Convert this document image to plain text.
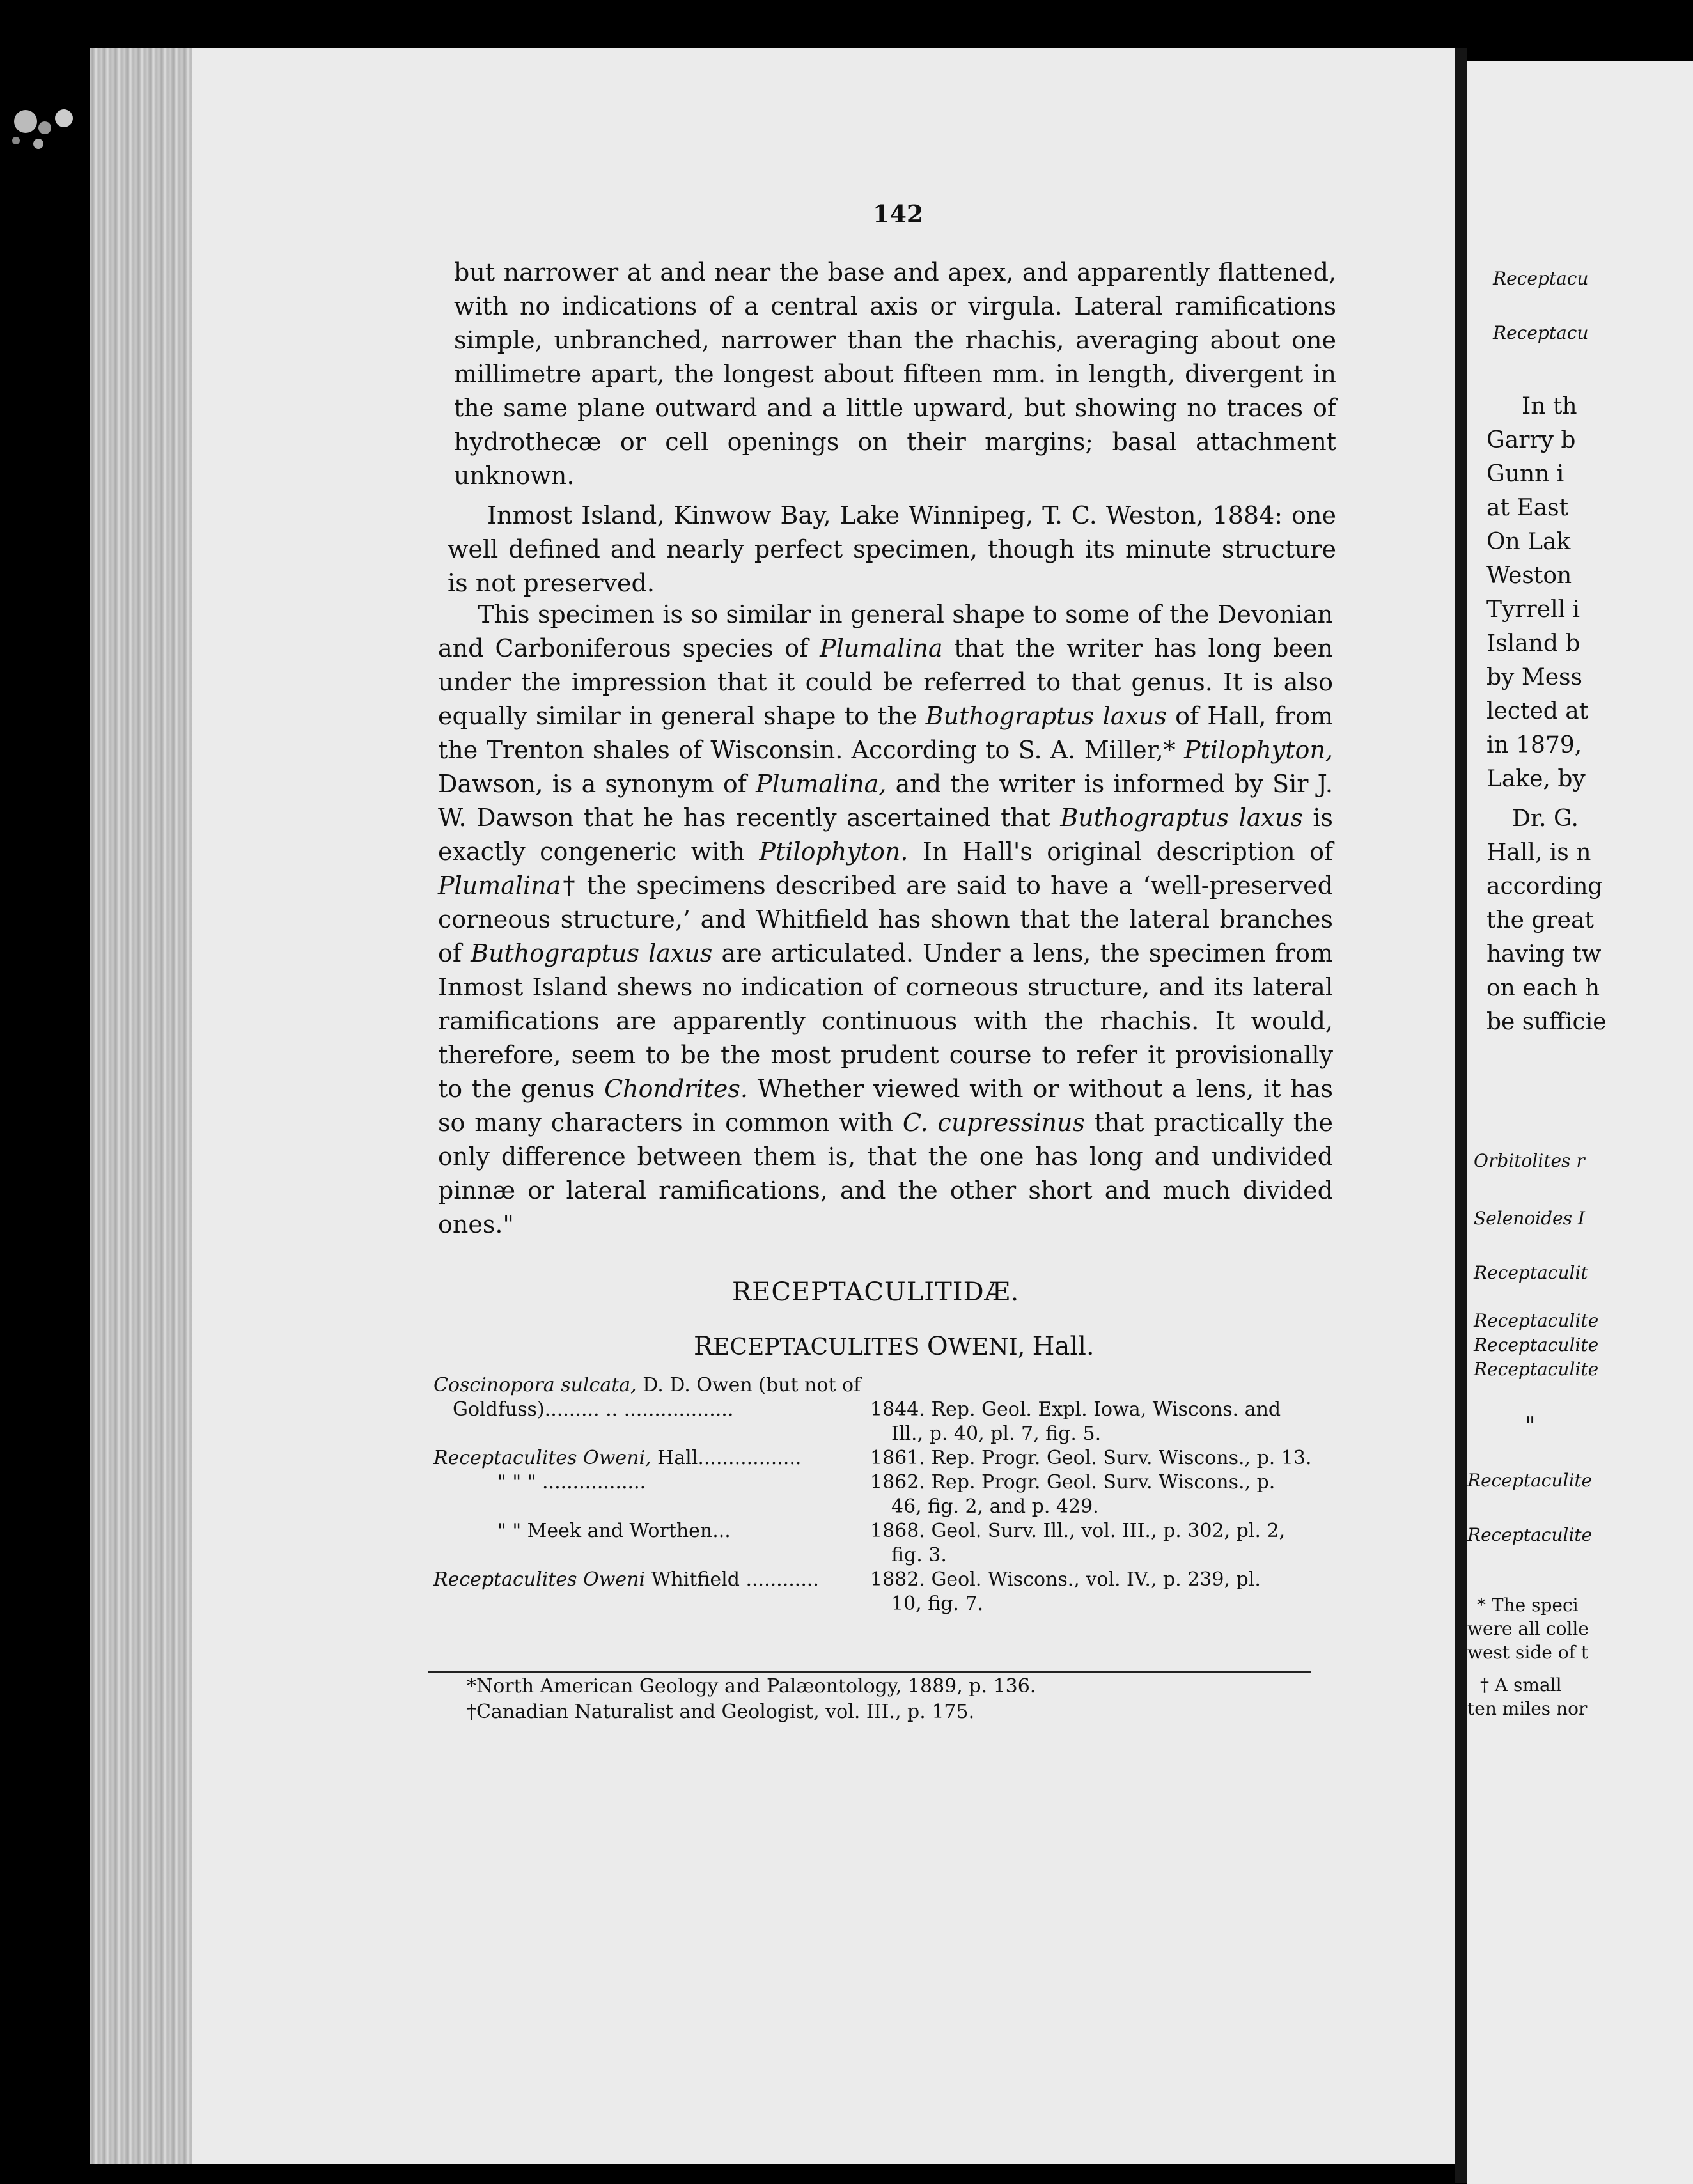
142
but narrower at and near the base and apex, and apparently flattened, with no indications of a central axis or virgula. Lateral ramifications simple, unbranched, narrower than the rhachis, averaging about one millimetre apart, the longest about fifteen mm. in length, divergent in the same plane outward and a little upward, but showing no traces of hydrothecæ or cell openings on their margins; basal attachment unknown.
Inmost Island, Kinwow Bay, Lake Winnipeg, T. C. Weston, 1884: one well defined and nearly perfect specimen, though its minute structure is not preserved.
This specimen is so similar in general shape to some of the Devonian and Carboniferous species of Plumalina that the writer has long been under the impression that it could be referred to that genus. It is also equally similar in general shape to the Buthograptus laxus of Hall, from the Trenton shales of Wisconsin. According to S. A. Miller,* Ptilophyton, Dawson, is a synonym of Plumalina, and the writer is informed by Sir J. W. Dawson that he has recently ascertained that Buthograptus laxus is exactly congeneric with Ptilophyton. In Hall's original description of Plumalina† the specimens described are said to have a ‘well-preserved corneous structure,’ and Whitfield has shown that the lateral branches of Buthograptus laxus are articulated. Under a lens, the specimen from Inmost Island shews no indication of corneous structure, and its lateral ramifications are apparently continuous with the rhachis. It would, therefore, seem to be the most prudent course to refer it provisionally to the genus Chondrites. Whether viewed with or without a lens, it has so many characters in common with C. cupressinus that practically the only difference between them is, that the one has long and undivided pinnæ or lateral ramifications, and the other short and much divided ones."
RECEPTACULITIDÆ.
RECEPTACULITES OWENI, Hall.
Coscinopora sulcata, D. D. Owen (but not of
Goldfuss)......... .. ..................	1844. Rep. Geol. Expl. Iowa, Wiscons. and
Ill., p. 40, pl. 7, fig. 5.
Receptaculites Oweni, Hall.................	1861. Rep. Progr. Geol. Surv. Wiscons., p. 13.
" " " .................	1862. Rep. Progr. Geol. Surv. Wiscons., p.
46, fig. 2, and p. 429.
" " Meek and Worthen...	1868. Geol. Surv. Ill., vol. III., p. 302, pl. 2,
fig. 3.
Receptaculites Oweni Whitfield ............	1882. Geol. Wiscons., vol. IV., p. 239, pl.
10, fig. 7.
*North American Geology and Palæontology, 1889, p. 136.
†Canadian Naturalist and Geologist, vol. III., p. 175.
Receptacu
Receptacu
In th
Garry b
Gunn i
at East
On Lak
Weston
Tyrrell i
Island b
by Mess
lected at
in 1879,
Lake, by
Dr. G.
Hall, is n
according
the great
having tw
on each h
be sufficie
Orbitolites r
Selenoides I
Receptaculit
Receptaculite
Receptaculite
Receptaculite
"
Receptaculite
Receptaculite
* The speci
were all colle
west side of t
† A small
ten miles nor
